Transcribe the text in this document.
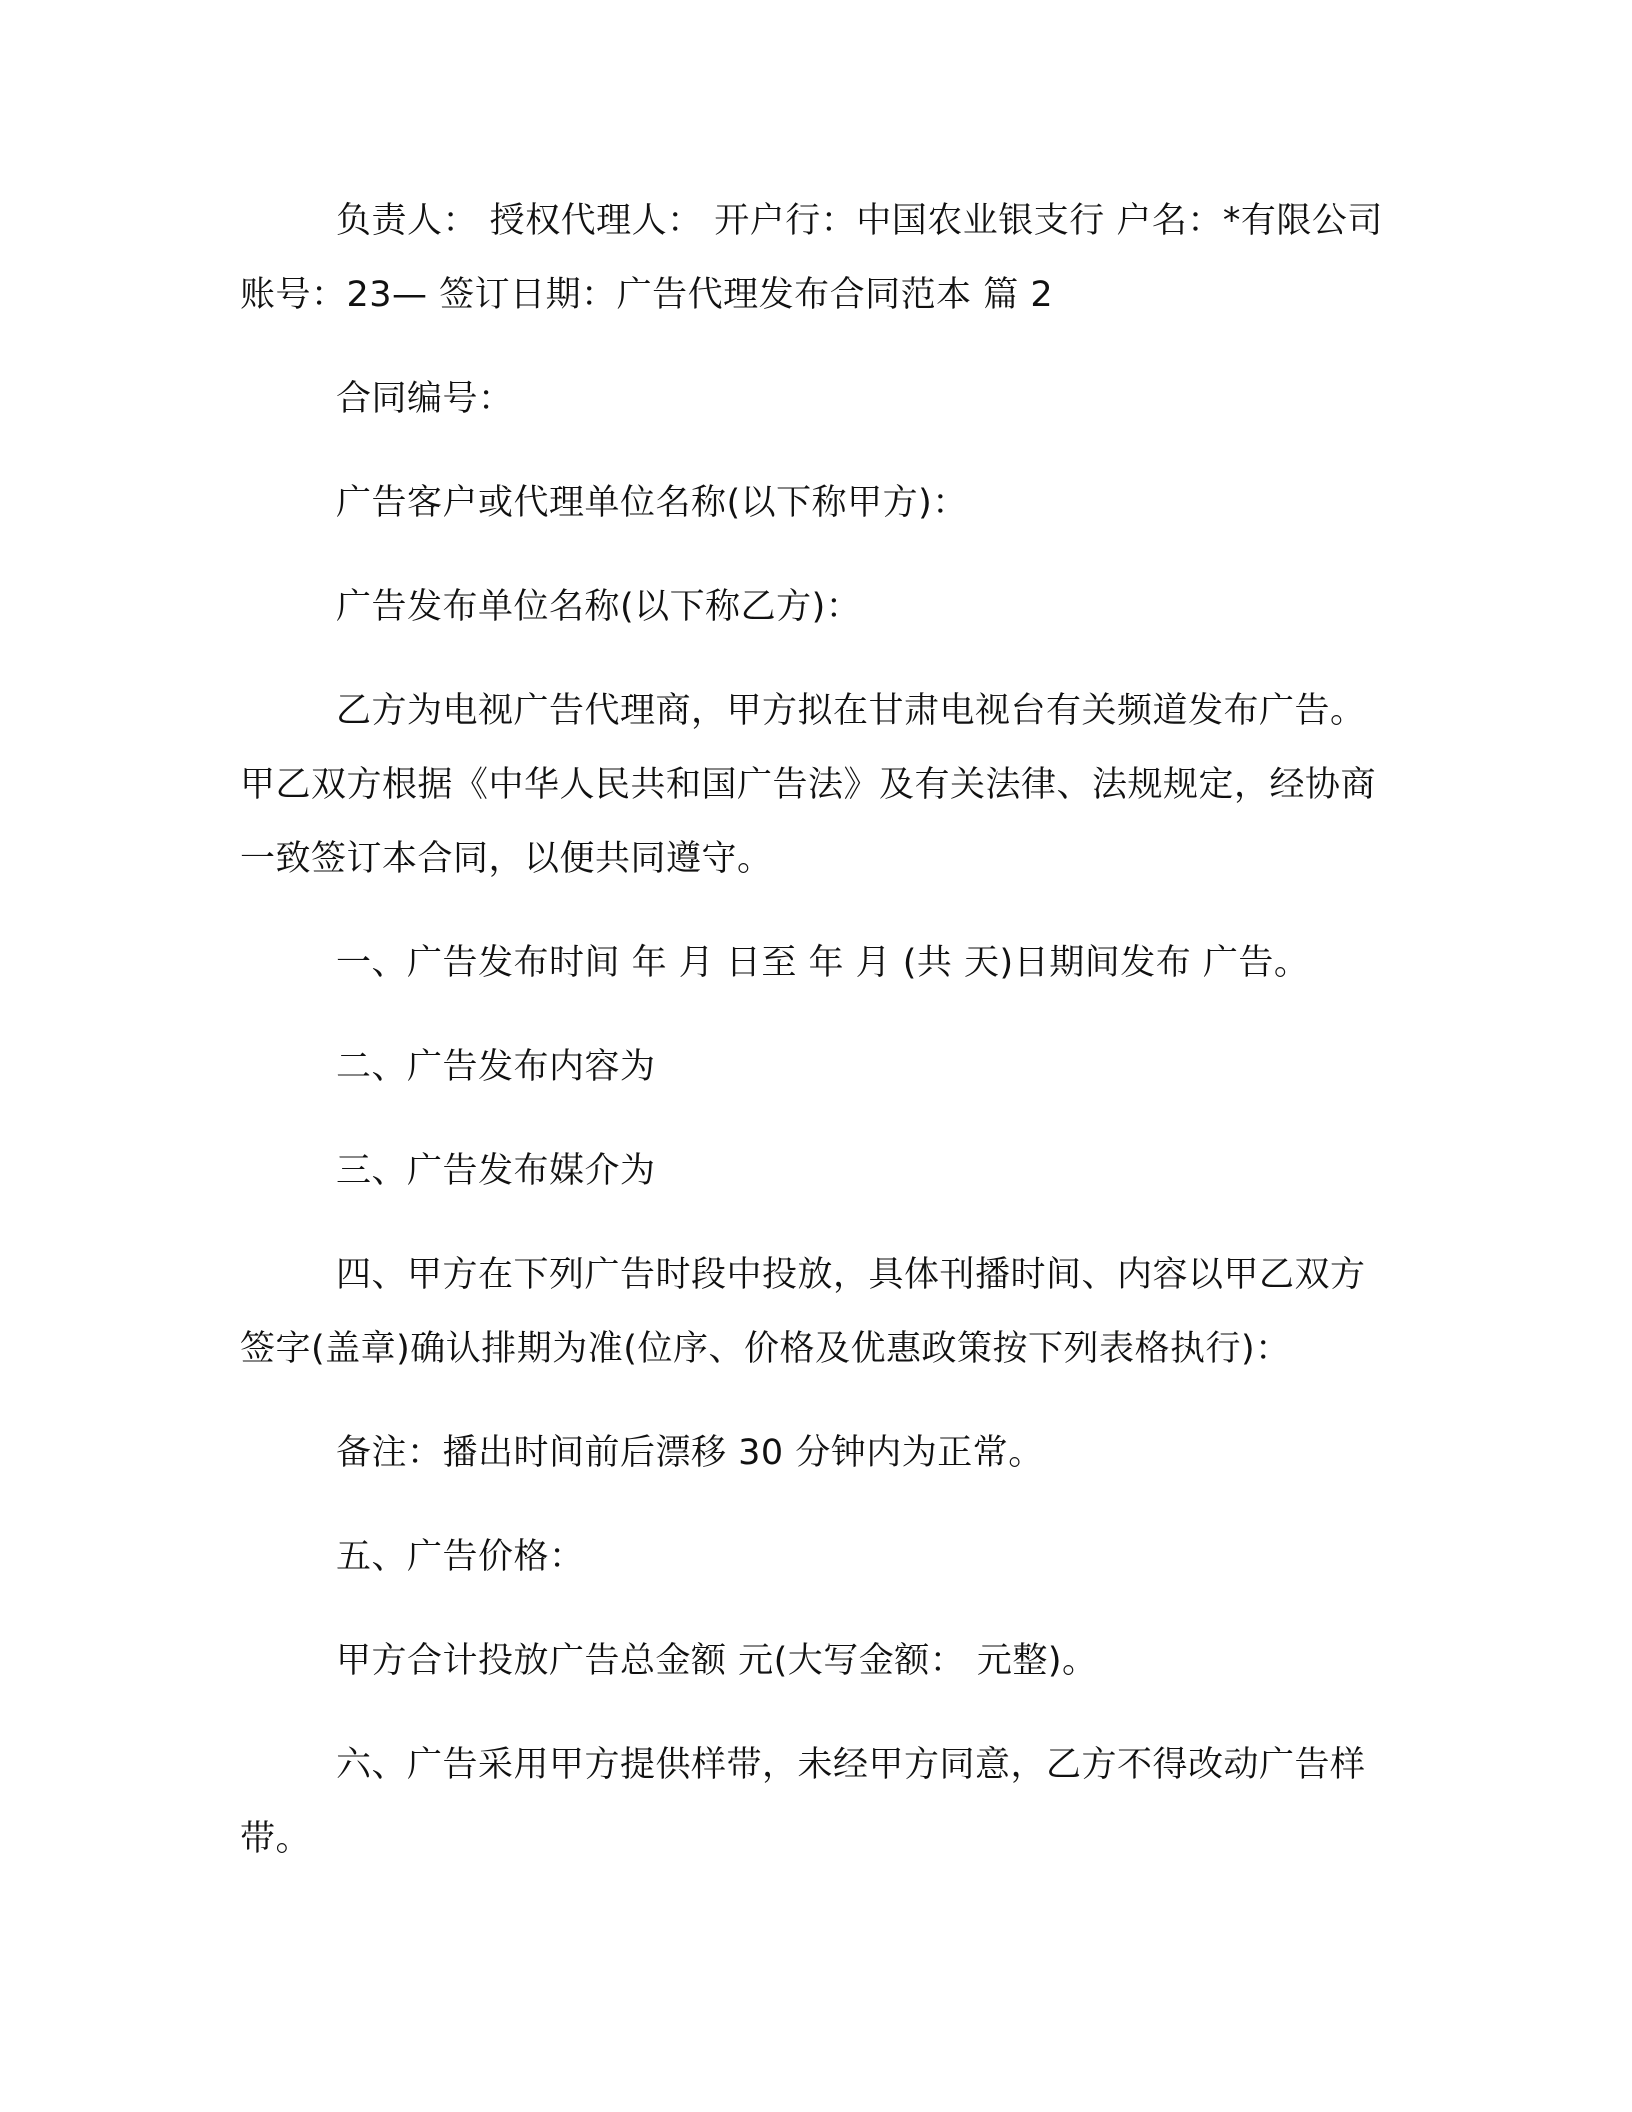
负责人： 授权代理人： 开户行：中国农业银支行 户名：*有限公司 账号：23— 签订日期：广告代理发布合同范本 篇 2

合同编号：

广告客户或代理单位名称(以下称甲方)：

广告发布单位名称(以下称乙方)：

乙方为电视广告代理商，甲方拟在甘肃电视台有关频道发布广告。甲乙双方根据《中华人民共和国广告法》及有关法律、法规规定，经协商一致签订本合同，以便共同遵守。

一、广告发布时间 年 月 日至 年 月 (共 天)日期间发布 广告。

二、广告发布内容为

三、广告发布媒介为

四、甲方在下列广告时段中投放，具体刊播时间、内容以甲乙双方签字(盖章)确认排期为准(位序、价格及优惠政策按下列表格执行)：

备注：播出时间前后漂移 30 分钟内为正常。

五、广告价格：

甲方合计投放广告总金额 元(大写金额： 元整)。

六、广告采用甲方提供样带，未经甲方同意，乙方不得改动广告样带。
